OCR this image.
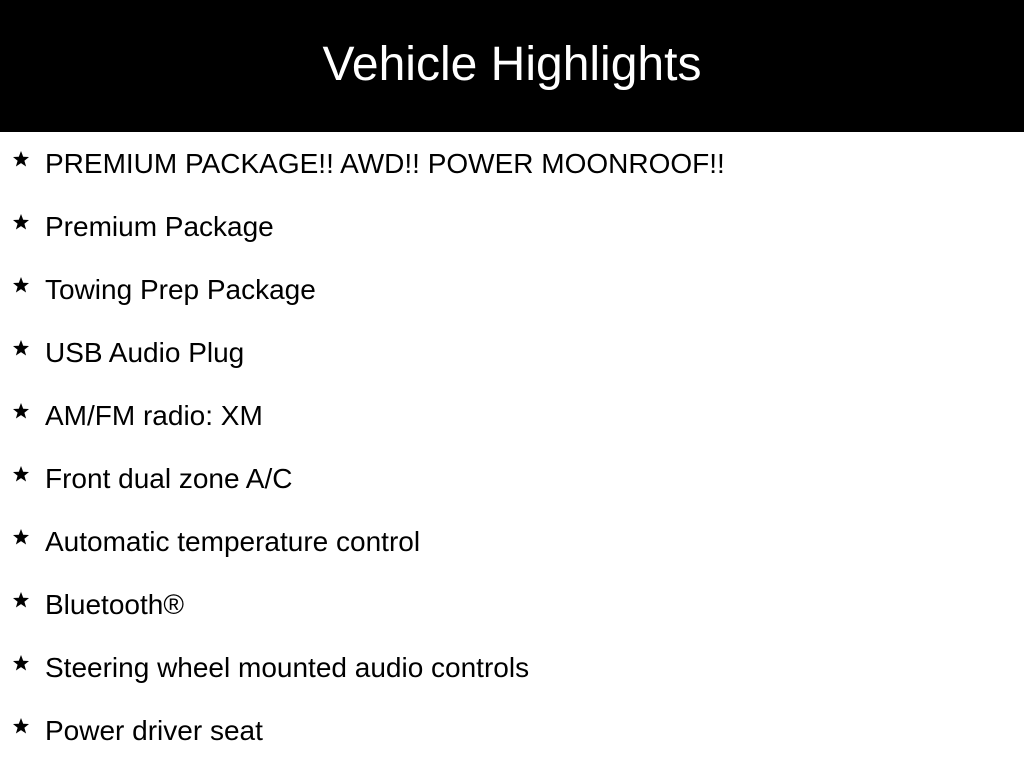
Vehicle Highlights
PREMIUM PACKAGE!! AWD!! POWER MOONROOF!!
Premium Package
Towing Prep Package
USB Audio Plug
AM/FM radio: XM
Front dual zone A/C
Automatic temperature control
Bluetooth®
Steering wheel mounted audio controls
Power driver seat
